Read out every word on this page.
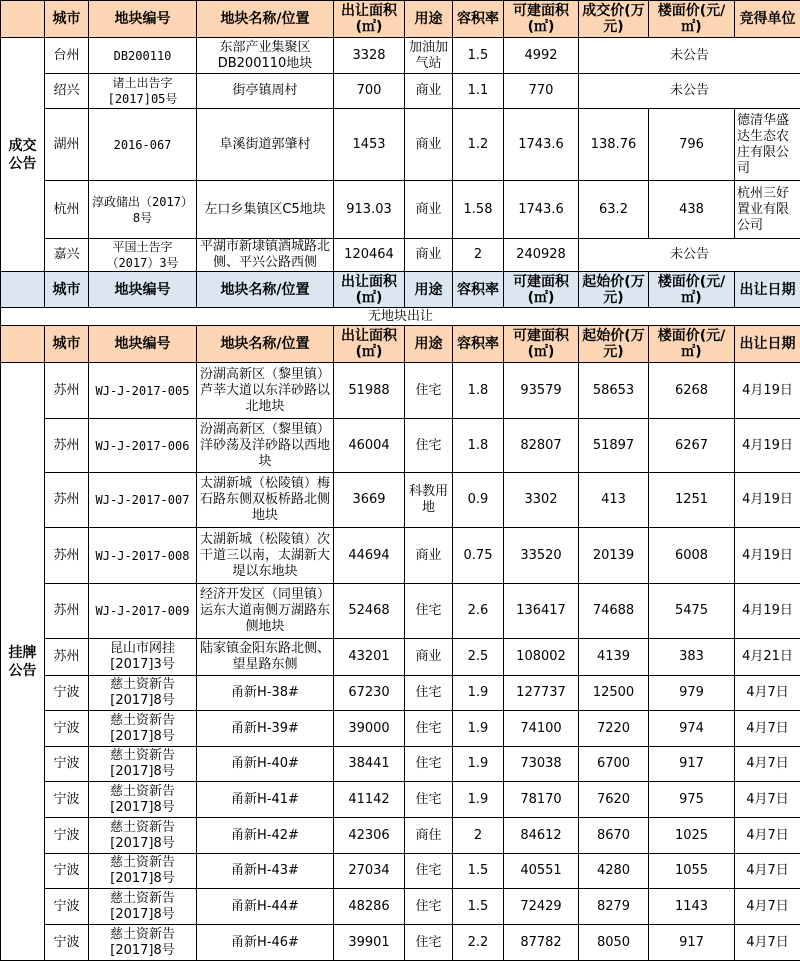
	城市	地块编号	地块名称/位置	出让面积(㎡)	用途	容积率	可建面积(㎡)	成交价(万元)	楼面价(元/㎡)	竞得单位
成交公告	台州	DB200110	东部产业集聚区DB200110地块	3328	加油加气站	1.5	4992	未公告		
	绍兴	诸土出告字[2017]05号	街亭镇周村	700	商业	1.1	770	未公告		
	湖州	2016-067	阜溪街道郭肇村	1453	商业	1.2	1743.6	138.76	796	德清华盛达生态农庄有限公司
	杭州	淳政储出（2017）8号	左口乡集镇区C5地块	913.03	商业	1.58	1743.6	63.2	438	杭州三好置业有限公司
	嘉兴	平国土告字（2017）3号	平湖市新埭镇酒城路北侧、平兴公路西侧	120464	商业	2	240928	未公告		
	城市	地块编号	地块名称/位置	出让面积(㎡)	用途	容积率	可建面积(㎡)	起始价(万元)	楼面价(元/㎡)	出让日期
无地块出让										
	城市	地块编号	地块名称/位置	出让面积(㎡)	用途	容积率	可建面积(㎡)	起始价(万元)	楼面价(元/㎡)	出让日期
挂牌公告	苏州	WJ-J-2017-005	汾湖高新区（黎里镇）芦莘大道以东洋砂路以北地块	51988	住宅	1.8	93579	58653	6268	4月19日
	苏州	WJ-J-2017-006	汾湖高新区（黎里镇）洋砂荡及洋砂路以西地块	46004	住宅	1.8	82807	51897	6267	4月19日
	苏州	WJ-J-2017-007	太湖新城（松陵镇）梅石路东侧双板桥路北侧地块	3669	科教用地	0.9	3302	413	1251	4月19日
	苏州	WJ-J-2017-008	太湖新城（松陵镇）次干道三以南，太湖新大堤以东地块	44694	商业	0.75	33520	20139	6008	4月19日
	苏州	WJ-J-2017-009	经济开发区（同里镇）运东大道南侧万湖路东侧地块	52468	住宅	2.6	136417	74688	5475	4月19日
	苏州	昆山市网挂[2017]3号	陆家镇金阳东路北侧、望星路东侧	43201	商业	2.5	108002	4139	383	4月21日
	宁波	慈土资新告[2017]8号	甬新H-38#	67230	住宅	1.9	127737	12500	979	4月7日
	宁波	慈土资新告[2017]8号	甬新H-39#	39000	住宅	1.9	74100	7220	974	4月7日
	宁波	慈土资新告[2017]8号	甬新H-40#	38441	住宅	1.9	73038	6700	917	4月7日
	宁波	慈土资新告[2017]8号	甬新H-41#	41142	住宅	1.9	78170	7620	975	4月7日
	宁波	慈土资新告[2017]8号	甬新H-42#	42306	商住	2	84612	8670	1025	4月7日
	宁波	慈土资新告[2017]8号	甬新H-43#	27034	住宅	1.5	40551	4280	1055	4月7日
	宁波	慈土资新告[2017]8号	甬新H-44#	48286	住宅	1.5	72429	8279	1143	4月7日
	宁波	慈土资新告[2017]8号	甬新H-46#	39901	住宅	2.2	87782	8050	917	4月7日
